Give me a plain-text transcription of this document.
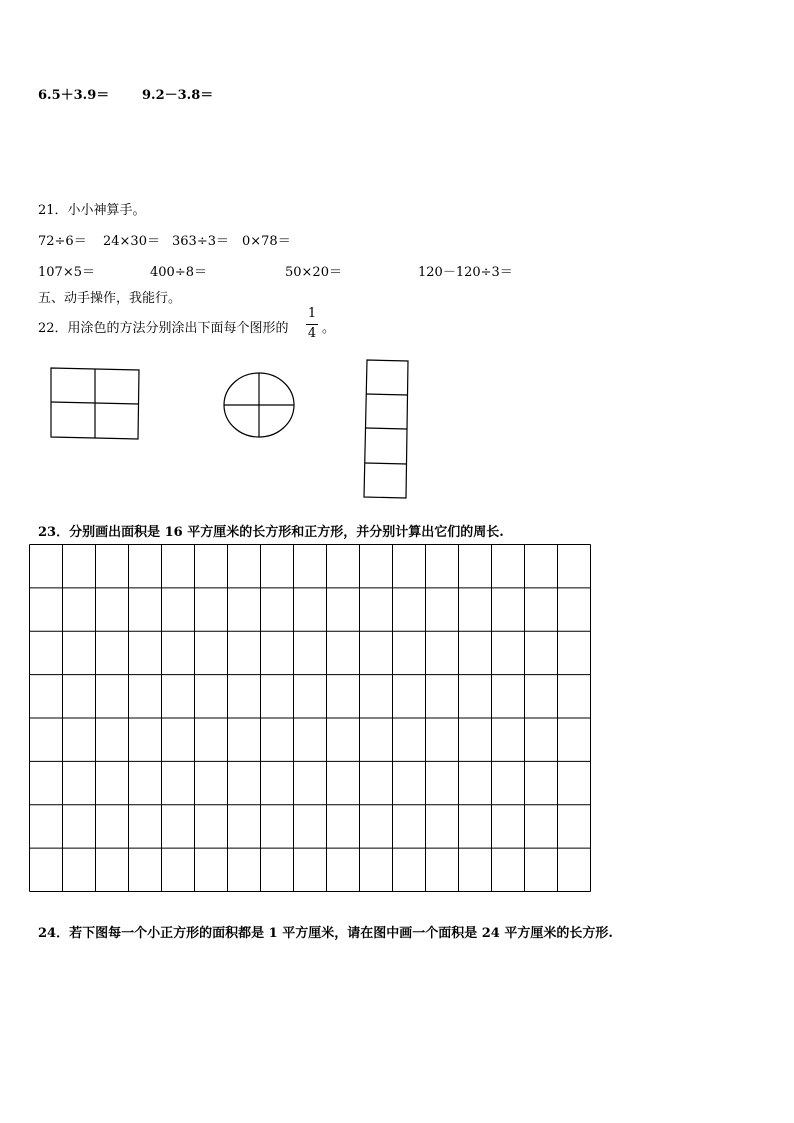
6.5＋3.9＝	9.2－3.8＝
21．小小神算手。
72÷6＝ 24×30＝ 363÷3＝ 0×78＝
107×5＝	400÷8＝	50×20＝	120－120÷3＝
五、动手操作，我能行。
22．用涂色的方法分别涂出下面每个图形的
1
4 。
23．分别画出面积是 16 平方厘米的长方形和正方形，并分别计算出它们的周长.
24．若下图每一个小正方形的面积都是 1 平方厘米，请在图中画一个面积是 24 平方厘米的长方形.
